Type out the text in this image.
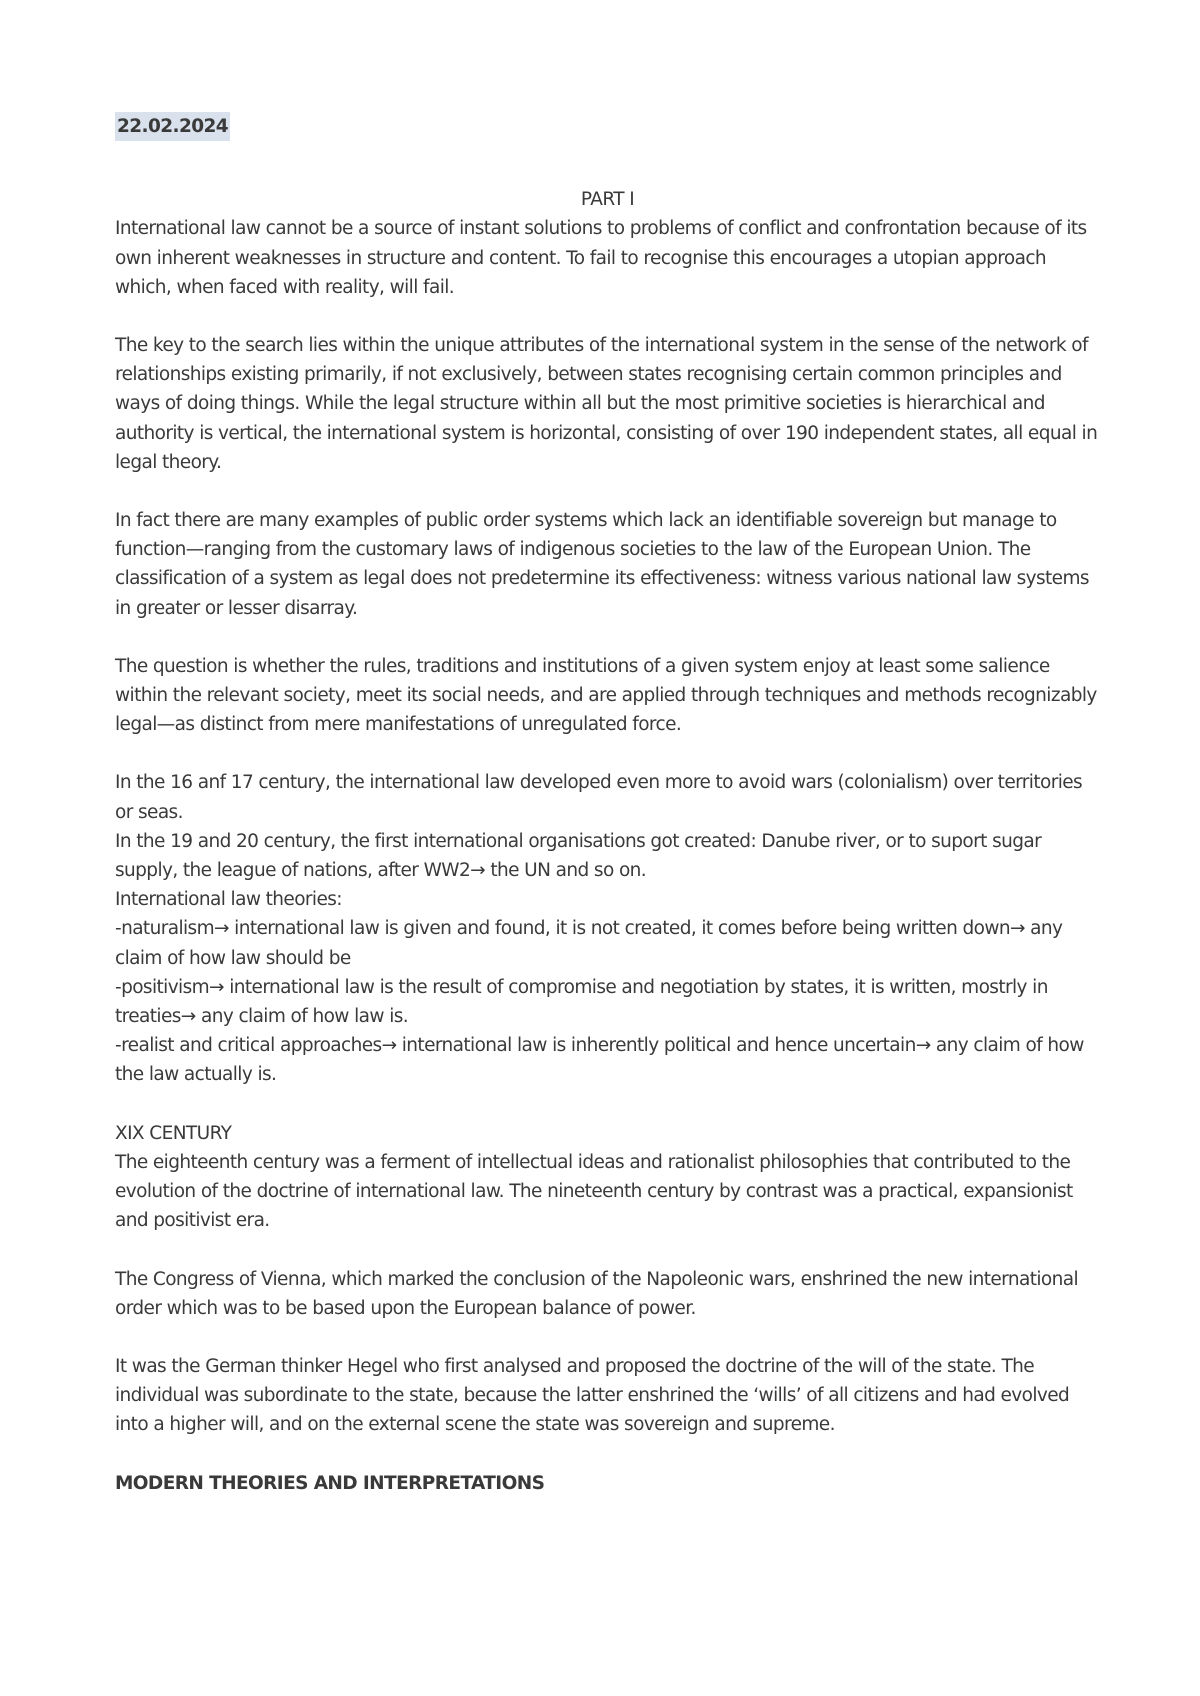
22.02.2024
PART I

International law cannot be a source of instant solutions to problems of conflict and confrontation because of its own inherent weaknesses in structure and content. To fail to recognise this encourages a utopian approach which, when faced with reality, will fail.

The key to the search lies within the unique attributes of the international system in the sense of the network of relationships existing primarily, if not exclusively, between states recognising certain common principles and ways of doing things. While the legal structure within all but the most primitive societies is hierarchical and authority is vertical, the international system is horizontal, consisting of over 190 independent states, all equal in legal theory.

In fact there are many examples of public order systems which lack an identifiable sovereign but manage to function—ranging from the customary laws of indigenous societies to the law of the European Union. The classification of a system as legal does not predetermine its effectiveness: witness various national law systems in greater or lesser disarray.

The question is whether the rules, traditions and institutions of a given system enjoy at least some salience within the relevant society, meet its social needs, and are applied through techniques and methods recognizably legal—as distinct from mere manifestations of unregulated force.

In the 16 anf 17 century, the international law developed even more to avoid wars (colonialism) over territories or seas.
In the 19 and 20 century, the first international organisations got created: Danube river, or to suport sugar supply, the league of nations, after WW2→ the UN and so on.
International law theories:
-naturalism→ international law is given and found, it is not created, it comes before being written down→ any claim of how law should be
-positivism→ international law is the result of compromise and negotiation by states, it is written, mostrly in treaties→ any claim of how law is.
-realist and critical approaches→ international law is inherently political and hence uncertain→ any claim of how the law actually is.
XIX CENTURY

The eighteenth century was a ferment of intellectual ideas and rationalist philosophies that contributed to the evolution of the doctrine of international law. The nineteenth century by contrast was a practical, expansionist and positivist era.

The Congress of Vienna, which marked the conclusion of the Napoleonic wars, enshrined the new international order which was to be based upon the European balance of power.

It was the German thinker Hegel who first analysed and proposed the doctrine of the will of the state. The individual was subordinate to the state, because the latter enshrined the ‘wills’ of all citizens and had evolved into a higher will, and on the external scene the state was sovereign and supreme.

MODERN THEORIES AND INTERPRETATIONS
